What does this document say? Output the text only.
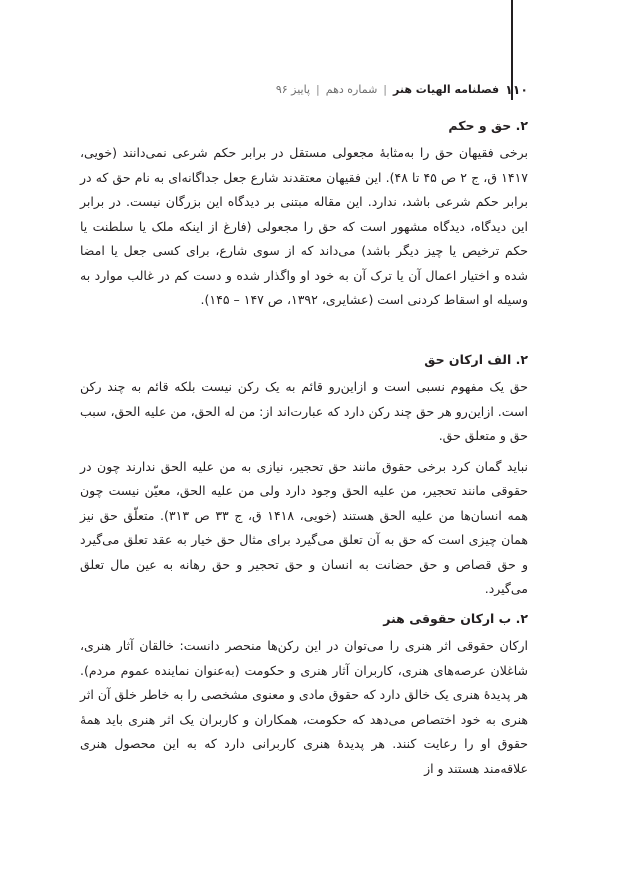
۱۱۰
فصلنامه الهیات هنر
|
شماره دهم
|
پاییز ۹۶
۲. حق و حکم

برخی فقیهان حق را به‌مثابهٔ مجعولی مستقل در برابر حکم شرعی نمی‌دانند (خویی، ۱۴۱۷ ق، ج ۲ ص ۴۵ تا ۴۸). این فقیهان معتقدند شارع جعل جداگانه‌ای به نام حق که در برابر حکم شرعی باشد، ندارد. این مقاله مبتنی بر دیدگاه این بزرگان نیست. در برابر این دیدگاه، دیدگاه مشهور است که حق را مجعولی (فارغ از اینکه ملک یا سلطنت یا حکم ترخیص یا چیز دیگر باشد) می‌داند که از سوی شارع، برای کسی جعل یا امضا شده و اختیار اعمال آن یا ترک آن به خود او واگذار شده و دست کم در غالب موارد به وسیله او اسقاط کردنی است (عشایری، ۱۳۹۲، ص ۱۴۷ – ۱۴۵).

۲. الف ارکان حق

حق یک مفهوم نسبی است و ازاین‌رو قائم به یک رکن نیست بلکه قائم به چند رکن است. ازاین‌رو هر حق چند رکن دارد که عبارت‌اند از: من له الحق، من علیه الحق، سبب حق و متعلق حق.

نباید گمان کرد برخی حقوق مانند حق تحجیر، نیازی به من علیه الحق ندارند چون در حقوقی مانند تحجیر، من علیه الحق وجود دارد ولی من علیه الحق، معیّن نیست چون همه انسان‌ها من علیه الحق هستند (خویی، ۱۴۱۸ ق، ج ۳۳ ص ۳۱۳). متعلّق حق نیز همان چیزی است که حق به آن تعلق می‌گیرد برای مثال حق خیار به عقد تعلق می‌گیرد و حق قصاص و حق حضانت به انسان و حق تحجیر و حق رهانه به عین مال تعلق می‌گیرد.

۲. ب ارکان حقوقی هنر

ارکان حقوقی اثر هنری را می‌توان در این رکن‌ها منحصر دانست: خالقان آثار هنری، شاغلان عرصه‌های هنری، کاربران آثار هنری و حکومت (به‌عنوان نماینده عموم مردم). هر پدیدهٔ هنری یک خالق دارد که حقوق مادی و معنوی مشخصی را به خاطر خلق آن اثر هنری به خود اختصاص می‌دهد که حکومت، همکاران و کاربران یک اثر هنری باید همهٔ حقوق او را رعایت کنند. هر پدیدهٔ هنری کاربرانی دارد که به این محصول هنری علاقه‌مند هستند و از
